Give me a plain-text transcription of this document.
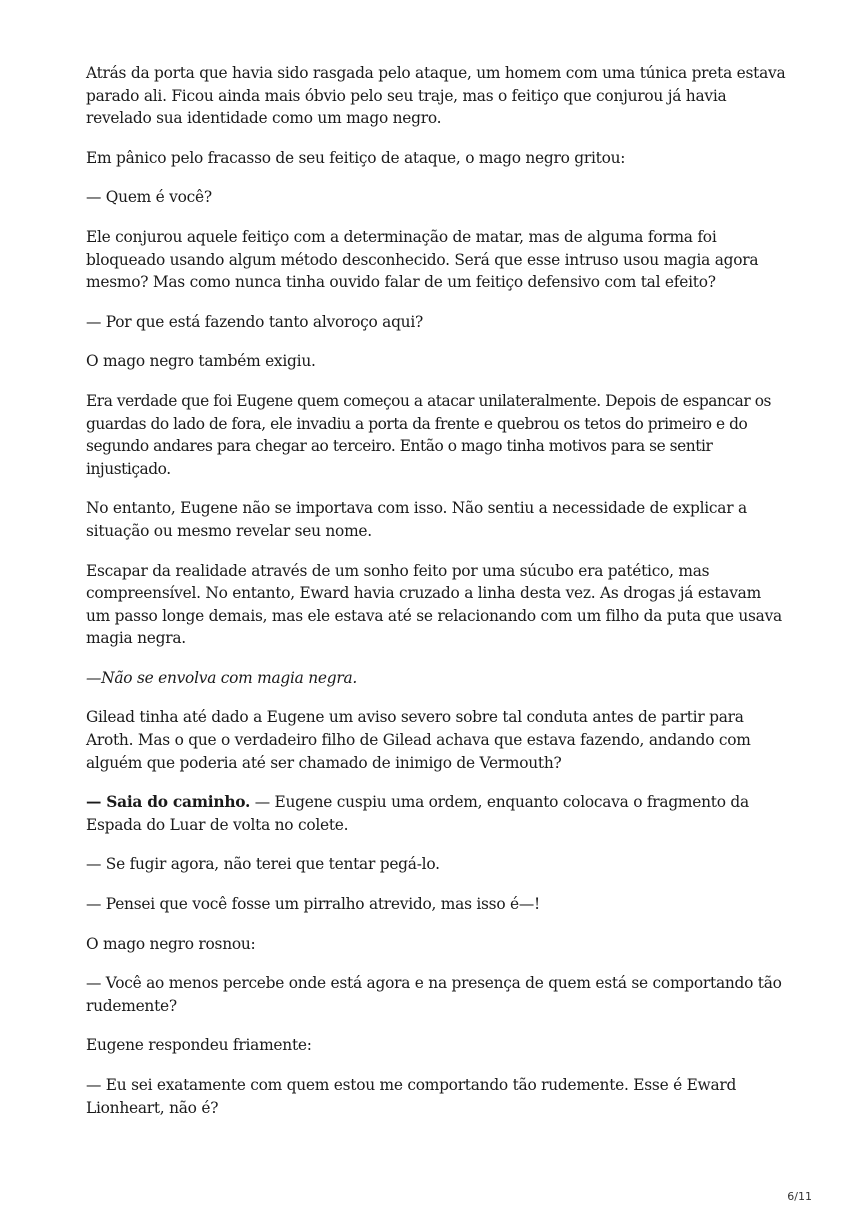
Atrás da porta que havia sido rasgada pelo ataque, um homem com uma túnica preta estava parado ali. Ficou ainda mais óbvio pelo seu traje, mas o feitiço que conjurou já havia revelado sua identidade como um mago negro.

Em pânico pelo fracasso de seu feitiço de ataque, o mago negro gritou:

— Quem é você?

Ele conjurou aquele feitiço com a determinação de matar, mas de alguma forma foi bloqueado usando algum método desconhecido. Será que esse intruso usou magia agora mesmo? Mas como nunca tinha ouvido falar de um feitiço defensivo com tal efeito?

— Por que está fazendo tanto alvoroço aqui?

O mago negro também exigiu.

Era verdade que foi Eugene quem começou a atacar unilateralmente. Depois de espancar os guardas do lado de fora, ele invadiu a porta da frente e quebrou os tetos do primeiro e do segundo andares para chegar ao terceiro. Então o mago tinha motivos para se sentir injustiçado.

No entanto, Eugene não se importava com isso. Não sentiu a necessidade de explicar a situação ou mesmo revelar seu nome.

Escapar da realidade através de um sonho feito por uma súcubo era patético, mas compreensível. No entanto, Eward havia cruzado a linha desta vez. As drogas já estavam um passo longe demais, mas ele estava até se relacionando com um filho da puta que usava magia negra.

—Não se envolva com magia negra.

Gilead tinha até dado a Eugene um aviso severo sobre tal conduta antes de partir para Aroth. Mas o que o verdadeiro filho de Gilead achava que estava fazendo, andando com alguém que poderia até ser chamado de inimigo de Vermouth?

— Saia do caminho. — Eugene cuspiu uma ordem, enquanto colocava o fragmento da Espada do Luar de volta no colete.

— Se fugir agora, não terei que tentar pegá-lo.

— Pensei que você fosse um pirralho atrevido, mas isso é—!

O mago negro rosnou:

— Você ao menos percebe onde está agora e na presença de quem está se comportando tão rudemente?

Eugene respondeu friamente:

— Eu sei exatamente com quem estou me comportando tão rudemente. Esse é Eward Lionheart, não é?

6/11
